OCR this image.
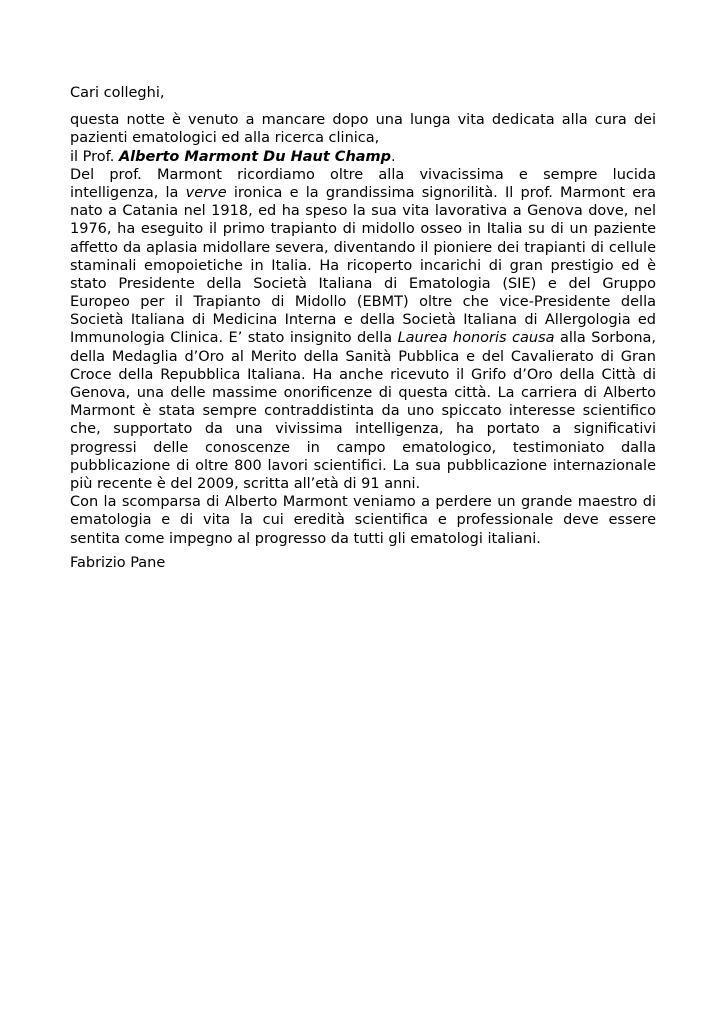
Cari colleghi,
questa notte è venuto a mancare dopo una lunga vita dedicata alla cura dei
pazienti ematologici ed alla ricerca clinica,
il Prof. Alberto Marmont Du Haut Champ.
Del prof. Marmont ricordiamo oltre alla vivacissima e sempre lucida
intelligenza, la verve ironica e la grandissima signorilità. Il prof. Marmont era
nato a Catania nel 1918, ed ha speso la sua vita lavorativa a Genova dove, nel
1976, ha eseguito il primo trapianto di midollo osseo in Italia su di un paziente
affetto da aplasia midollare severa, diventando il pioniere dei trapianti di cellule
staminali emopoietiche in Italia. Ha ricoperto incarichi di gran prestigio ed è
stato Presidente della Società Italiana di Ematologia (SIE) e del Gruppo
Europeo per il Trapianto di Midollo (EBMT) oltre che vice-Presidente della
Società Italiana di Medicina Interna e della Società Italiana di Allergologia ed
Immunologia Clinica. E’ stato insignito della Laurea honoris causa alla Sorbona,
della Medaglia d’Oro al Merito della Sanità Pubblica e del Cavalierato di Gran
Croce della Repubblica Italiana. Ha anche ricevuto il Grifo d’Oro della Città di
Genova, una delle massime onorificenze di questa città. La carriera di Alberto
Marmont è stata sempre contraddistinta da uno spiccato interesse scientifico
che, supportato da una vivissima intelligenza, ha portato a significativi
progressi delle conoscenze in campo ematologico, testimoniato dalla
pubblicazione di oltre 800 lavori scientifici. La sua pubblicazione internazionale
più recente è del 2009, scritta all’età di 91 anni.
Con la scomparsa di Alberto Marmont veniamo a perdere un grande maestro di
ematologia e di vita la cui eredità scientifica e professionale deve essere
sentita come impegno al progresso da tutti gli ematologi italiani.
Fabrizio Pane
